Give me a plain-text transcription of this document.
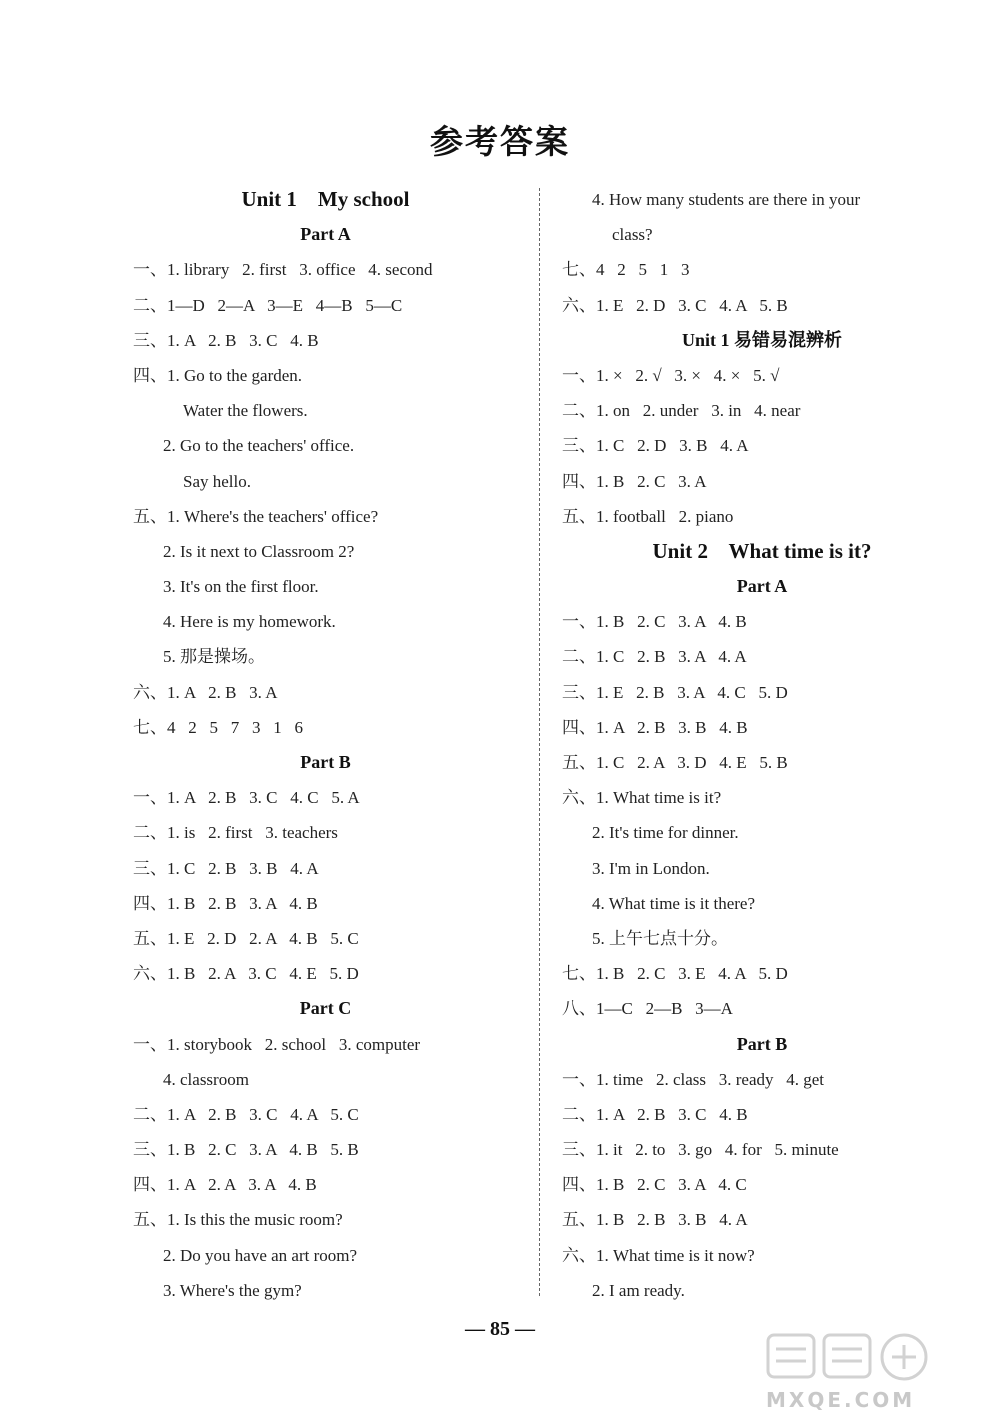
参考答案
Unit 1    My school
Part A
一、1. library   2. first   3. office   4. second
二、1—D   2—A   3—E   4—B   5—C
三、1. A   2. B   3. C   4. B
四、1. Go to the garden.
Water the flowers.
2. Go to the teachers' office.
Say hello.
五、1. Where's the teachers' office?
2. Is it next to Classroom 2?
3. It's on the first floor.
4. Here is my homework.
5. 那是操场。
六、1. A   2. B   3. A
七、4   2   5   7   3   1   6
Part B
一、1. A   2. B   3. C   4. C   5. A
二、1. is   2. first   3. teachers
三、1. C   2. B   3. B   4. A
四、1. B   2. B   3. A   4. B
五、1. E   2. D   2. A   4. B   5. C
六、1. B   2. A   3. C   4. E   5. D
Part C
一、1. storybook   2. school   3. computer
4. classroom
二、1. A   2. B   3. C   4. A   5. C
三、1. B   2. C   3. A   4. B   5. B
四、1. A   2. A   3. A   4. B
五、1. Is this the music room?
2. Do you have an art room?
3. Where's the gym?
4. How many students are there in your
class?
七、4   2   5   1   3
六、1. E   2. D   3. C   4. A   5. B
Unit 1 易错易混辨析
一、1. ×   2. √   3. ×   4. ×   5. √
二、1. on   2. under   3. in   4. near
三、1. C   2. D   3. B   4. A
四、1. B   2. C   3. A
五、1. football   2. piano
Unit 2    What time is it?
Part A
一、1. B   2. C   3. A   4. B
二、1. C   2. B   3. A   4. A
三、1. E   2. B   3. A   4. C   5. D
四、1. A   2. B   3. B   4. B
五、1. C   2. A   3. D   4. E   5. B
六、1. What time is it?
2. It's time for dinner.
3. I'm in London.
4. What time is it there?
5. 上午七点十分。
七、1. B   2. C   3. E   4. A   5. D
八、1—C   2—B   3—A
Part B
一、1. time   2. class   3. ready   4. get
二、1. A   2. B   3. C   4. B
三、1. it   2. to   3. go   4. for   5. minute
四、1. B   2. C   3. A   4. C
五、1. B   2. B   3. B   4. A
六、1. What time is it now?
2. I am ready.
— 85 —
MXQE.COM
